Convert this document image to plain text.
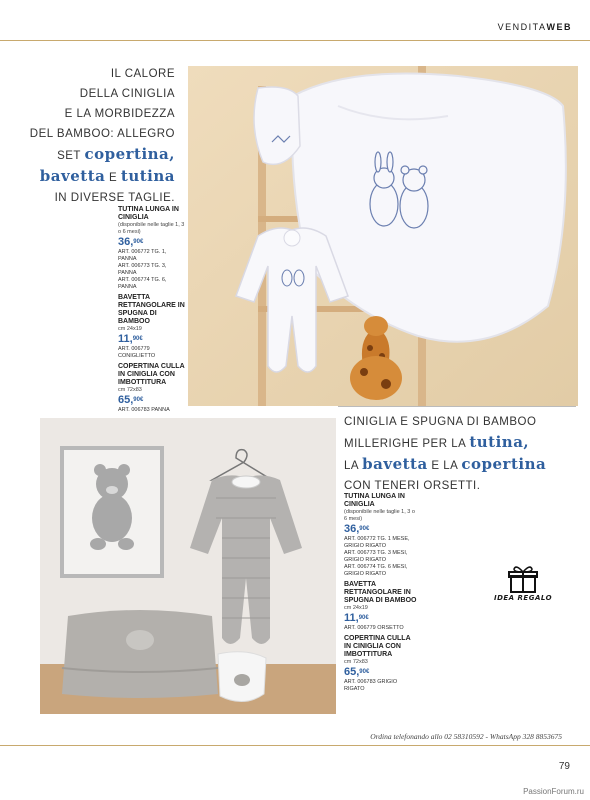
VENDITAWEB
IL CALORE
DELLA CINIGLIA
E LA MORBIDEZZA
DEL BAMBOO: ALLEGRO
SET copertina,
bavetta E tutina
IN DIVERSE TAGLIE.
TUTINA LUNGA IN CINIGLIA
(disponibile nelle taglie 1, 3 o 6 mesi)
36,$^{90€}$
ART. 006772 TG. 1, PANNA
ART. 006773 TG. 3, PANNA
ART. 006774 TG. 6, PANNA
BAVETTA RETTANGOLARE IN SPUGNA DI BAMBOO
cm 24x19
11,$^{90€}$
ART. 006779 CONIGLIETTO
COPERTINA CULLA IN CINIGLIA CON IMBOTTITURA
cm 72x83
65,$^{90€}$
ART. 006783 PANNA
CINIGLIA E SPUGNA DI BAMBOO
MILLERIGHE PER LA tutina,
LA bavetta E LA copertina
CON TENERI ORSETTI.
TUTINA LUNGA IN CINIGLIA
(disponibile nelle taglie 1, 3 o 6 mesi)
36,$^{90€}$
ART. 006772 TG. 1 MESE, GRIGIO RIGATO
ART. 006773 TG. 3 MESI, GRIGIO RIGATO
ART. 006774 TG. 6 MESI, GRIGIO RIGATO
BAVETTA RETTANGOLARE IN SPUGNA DI BAMBOO
cm 24x19
11,$^{90€}$
ART. 006779 ORSETTO
COPERTINA CULLA IN CINIGLIA CON IMBOTTITURA
cm 72x83
65,$^{90€}$
ART. 006783 GRIGIO RIGATO
IDEA REGALO
Ordina telefonando allo 02 58310592 - WhatsApp 328 8853675
79
PassionForum.ru
